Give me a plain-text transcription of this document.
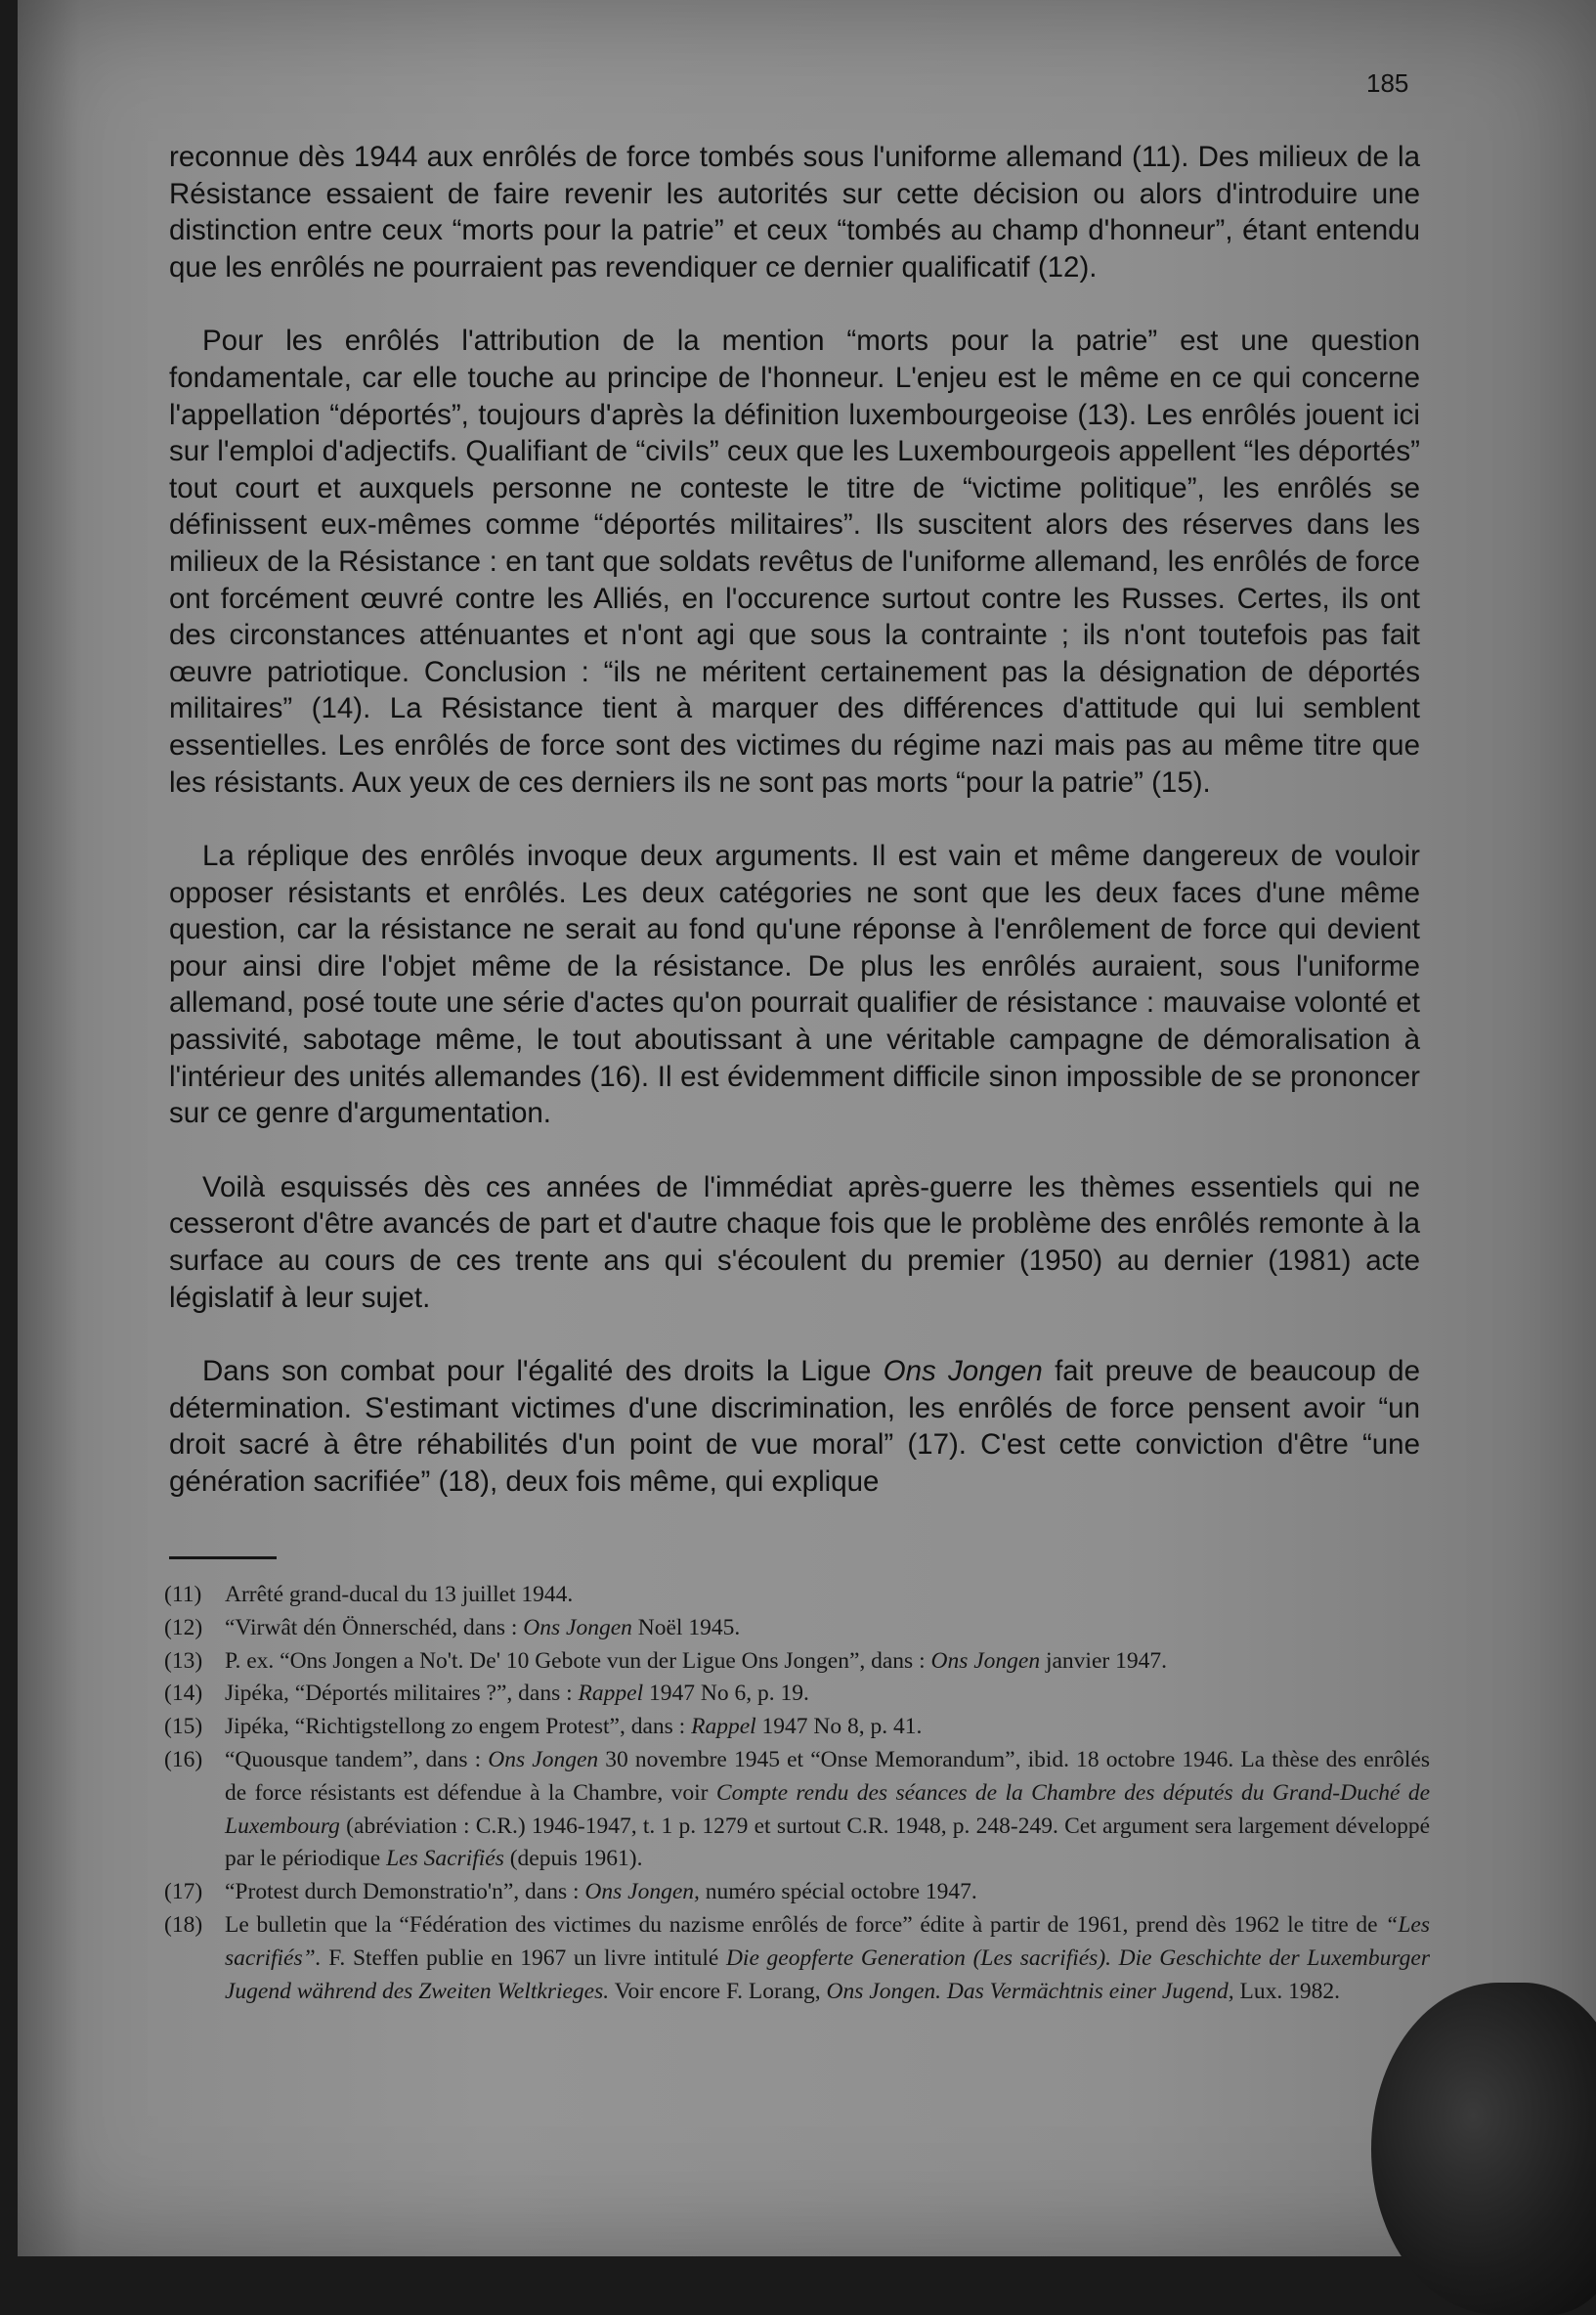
185

reconnue dès 1944 aux enrôlés de force tombés sous l'uniforme allemand (11). Des milieux de la Résistance essaient de faire revenir les autorités sur cette décision ou alors d'introduire une distinction entre ceux “morts pour la patrie” et ceux “tombés au champ d'honneur”, étant entendu que les enrôlés ne pourraient pas revendiquer ce dernier qualificatif (12).

Pour les enrôlés l'attribution de la mention “morts pour la patrie” est une question fondamentale, car elle touche au principe de l'honneur. L'enjeu est le même en ce qui concerne l'appellation “déportés”, toujours d'après la définition luxembourgeoise (13). Les enrôlés jouent ici sur l'emploi d'adjectifs. Qualifiant de “civiIs” ceux que les Luxembourgeois appellent “les déportés” tout court et auxquels personne ne conteste le titre de “victime politique”, les enrôlés se définissent eux-mêmes comme “déportés militaires”. Ils suscitent alors des réserves dans les milieux de la Résistance : en tant que soldats revêtus de l'uniforme allemand, les enrôlés de force ont forcément œuvré contre les Alliés, en l'occurence surtout contre les Russes. Certes, ils ont des circonstances atténuantes et n'ont agi que sous la contrainte ; ils n'ont toutefois pas fait œuvre patriotique. Conclusion : “ils ne méritent certainement pas la désignation de déportés militaires” (14). La Résistance tient à marquer des différences d'attitude qui lui semblent essentielles. Les enrôlés de force sont des victimes du régime nazi mais pas au même titre que les résistants. Aux yeux de ces derniers ils ne sont pas morts “pour la patrie” (15).

La réplique des enrôlés invoque deux arguments. Il est vain et même dangereux de vouloir opposer résistants et enrôlés. Les deux catégories ne sont que les deux faces d'une même question, car la résistance ne serait au fond qu'une réponse à l'enrôlement de force qui devient pour ainsi dire l'objet même de la résistance. De plus les enrôlés auraient, sous l'uniforme allemand, posé toute une série d'actes qu'on pourrait qualifier de résistance : mauvaise volonté et passivité, sabotage même, le tout aboutissant à une véritable campagne de démoralisation à l'intérieur des unités allemandes (16). Il est évidemment difficile sinon impossible de se prononcer sur ce genre d'argumentation.

Voilà esquissés dès ces années de l'immédiat après-guerre les thèmes essentiels qui ne cesseront d'être avancés de part et d'autre chaque fois que le problème des enrôlés remonte à la surface au cours de ces trente ans qui s'écoulent du premier (1950) au dernier (1981) acte législatif à leur sujet.

Dans son combat pour l'égalité des droits la Ligue Ons Jongen fait preuve de beaucoup de détermination. S'estimant victimes d'une discrimination, les enrôlés de force pensent avoir “un droit sacré à être réhabilités d'un point de vue moral” (17). C'est cette conviction d'être “une génération sacrifiée” (18), deux fois même, qui explique

(11)	Arrêté grand-ducal du 13 juillet 1944.
(12) “Virwât dén Önnerschéd, dans : Ons Jongen Noël 1945.
(13) P. ex. “Ons Jongen a No't. De' 10 Gebote vun der Ligue Ons Jongen”, dans : Ons Jongen janvier 1947.
(14) Jipéka, “Déportés militaires ?”, dans : Rappel 1947 No 6, p. 19.
(15) Jipéka, “Richtigstellong zo engem Protest”, dans : Rappel 1947 No 8, p. 41.
(16) “Quousque tandem”, dans : Ons Jongen 30 novembre 1945 et “Onse Memorandum”, ibid. 18 octobre 1946. La thèse des enrôlés de force résistants est défendue à la Chambre, voir Compte rendu des séances de la Chambre des députés du Grand-Duché de Luxembourg (abréviation : C.R.) 1946-1947, t. 1 p. 1279 et surtout C.R. 1948, p. 248-249. Cet argument sera largement développé par le périodique Les Sacrifiés (depuis 1961).
(17) “Protest durch Demonstratio'n”, dans : Ons Jongen, numéro spécial octobre 1947.
(18) Le bulletin que la “Fédération des victimes du nazisme enrôlés de force” édite à partir de 1961, prend dès 1962 le titre de “Les sacrifiés”. F. Steffen publie en 1967 un livre intitulé Die geopferte Generation (Les sacrifiés). Die Geschichte der Luxemburger Jugend während des Zweiten Weltkrieges. Voir encore F. Lorang, Ons Jongen. Das Vermächtnis einer Jugend, Lux. 1982.
